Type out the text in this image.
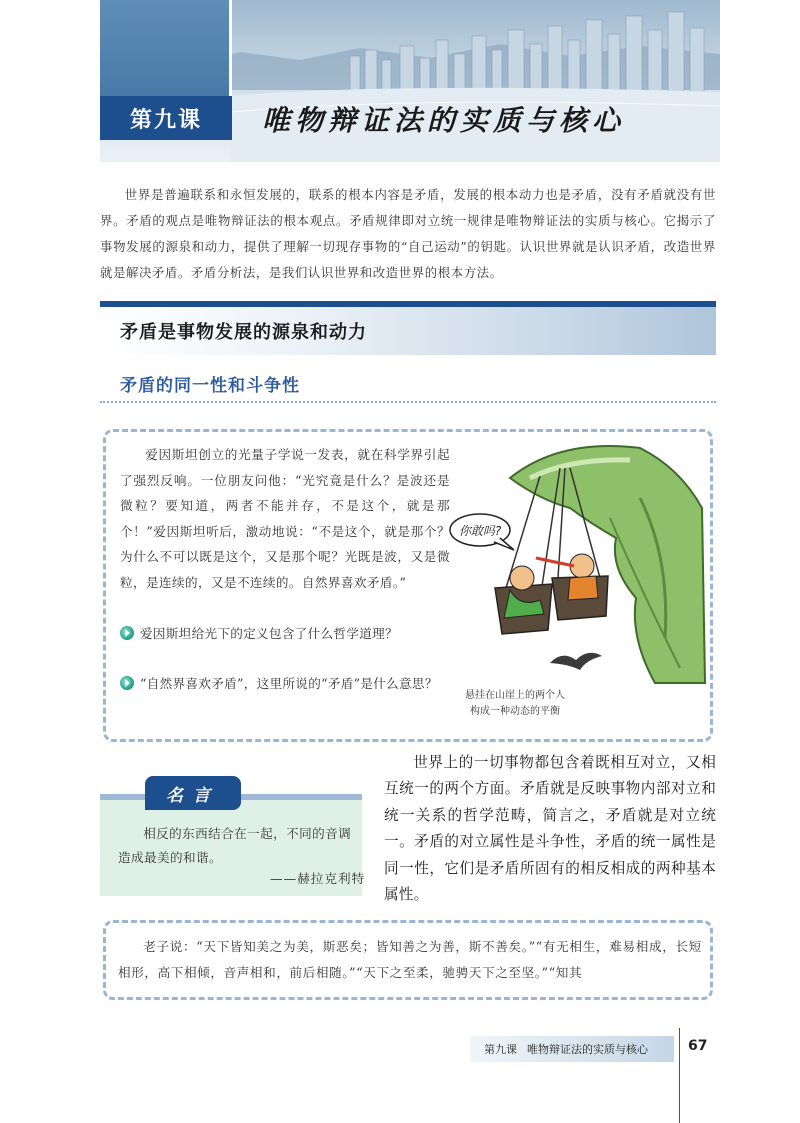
第九课	唯物辩证法的实质与核心

世界是普遍联系和永恒发展的，联系的根本内容是矛盾，发展的根本动力也是矛盾，没有矛盾就没有世界。矛盾的观点是唯物辩证法的根本观点。矛盾规律即对立统一规律是唯物辩证法的实质与核心。它揭示了事物发展的源泉和动力，提供了理解一切现存事物的“自己运动”的钥匙。认识世界就是认识矛盾，改造世界就是解决矛盾。矛盾分析法，是我们认识世界和改造世界的根本方法。

矛盾是事物发展的源泉和动力
矛盾的同一性和斗争性

爱因斯坦创立的光量子学说一发表，就在科学界引起了强烈反响。一位朋友问他：“光究竟是什么？是波还是微粒？要知道，两者不能并存，不是这个，就是那个！”爱因斯坦听后，激动地说：“不是这个，就是那个？为什么不可以既是这个，又是那个呢？光既是波，又是微粒，是连续的，又是不连续的。自然界喜欢矛盾。”

爱因斯坦给光下的定义包含了什么哲学道理？

“自然界喜欢矛盾”，这里所说的“矛盾”是什么意思？

你敢吗?
悬挂在山崖上的两个人
构成一种动态的平衡
名言

相反的东西结合在一起，不同的音调造成最美的和谐。

——赫拉克利特

世界上的一切事物都包含着既相互对立，又相互统一的两个方面。矛盾就是反映事物内部对立和统一关系的哲学范畴，简言之，矛盾就是对立统一。矛盾的对立属性是斗争性，矛盾的统一属性是同一性，它们是矛盾所固有的相反相成的两种基本属性。

老子说：“天下皆知美之为美，斯恶矣；皆知善之为善，斯不善矣。”“有无相生，难易相成，长短相形，高下相倾，音声相和，前后相随。”“天下之至柔，驰骋天下之至坚。”“知其

第九课 唯物辩证法的实质与核心	67
